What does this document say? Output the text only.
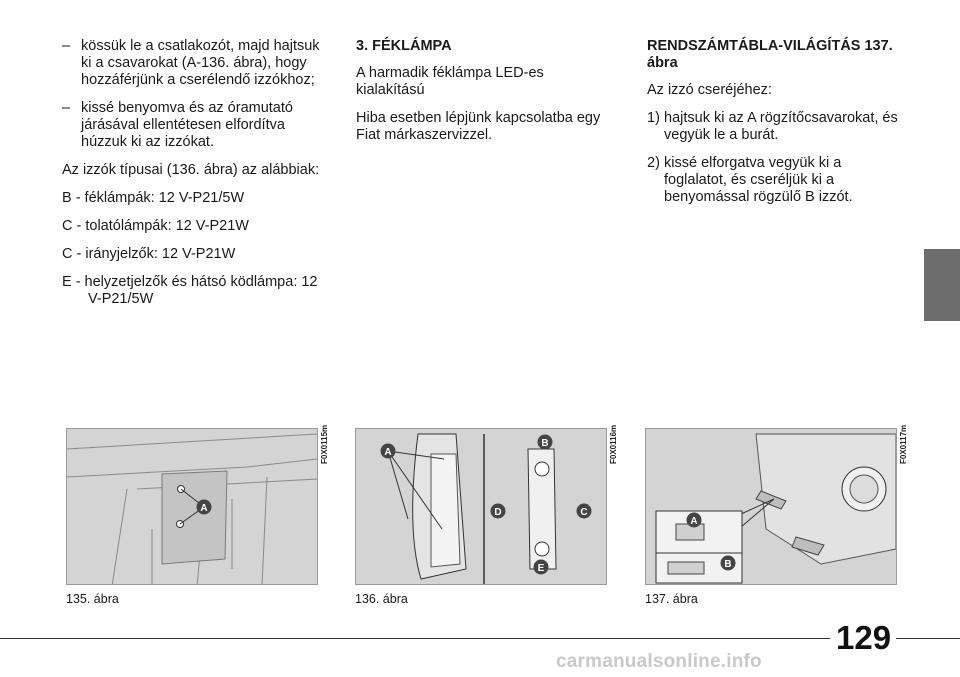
– kössük le a csatlakozót, majd hajtsuk ki a csavarokat (A-136. ábra), hogy hozzáférjünk a cserélendő izzókhoz;

– kissé benyomva és az óramutató járásával ellentétesen elfordítva húzzuk ki az izzókat.

Az izzók típusai (136. ábra) az alábbiak:

B - féklámpák: 12 V-P21/5W

C - tolatólámpák: 12 V-P21W

C - irányjelzők: 12 V-P21W

E - helyzetjelzők és hátsó ködlámpa: 12 V-P21/5W

3. FÉKLÁMPA

A harmadik féklámpa LED-es kialakítású

Hiba esetben lépjünk kapcsolatba egy Fiat márkaszervizzel.

RENDSZÁMTÁBLA-VILÁGÍTÁS 137. ábra

Az izzó cseréjéhez:

1) hajtsuk ki az A rögzítőcsavarokat, és vegyük le a burát.

2) kissé elforgatva vegyük ki a foglalatot, és cseréljük ki a benyomással rögzülő B izzót.

A
F0X0115m
135. ábra
A
B
C
D
E
F0X0116m
136. ábra
A
B
F0X0117m
137. ábra
129
carmanualsonline.info
